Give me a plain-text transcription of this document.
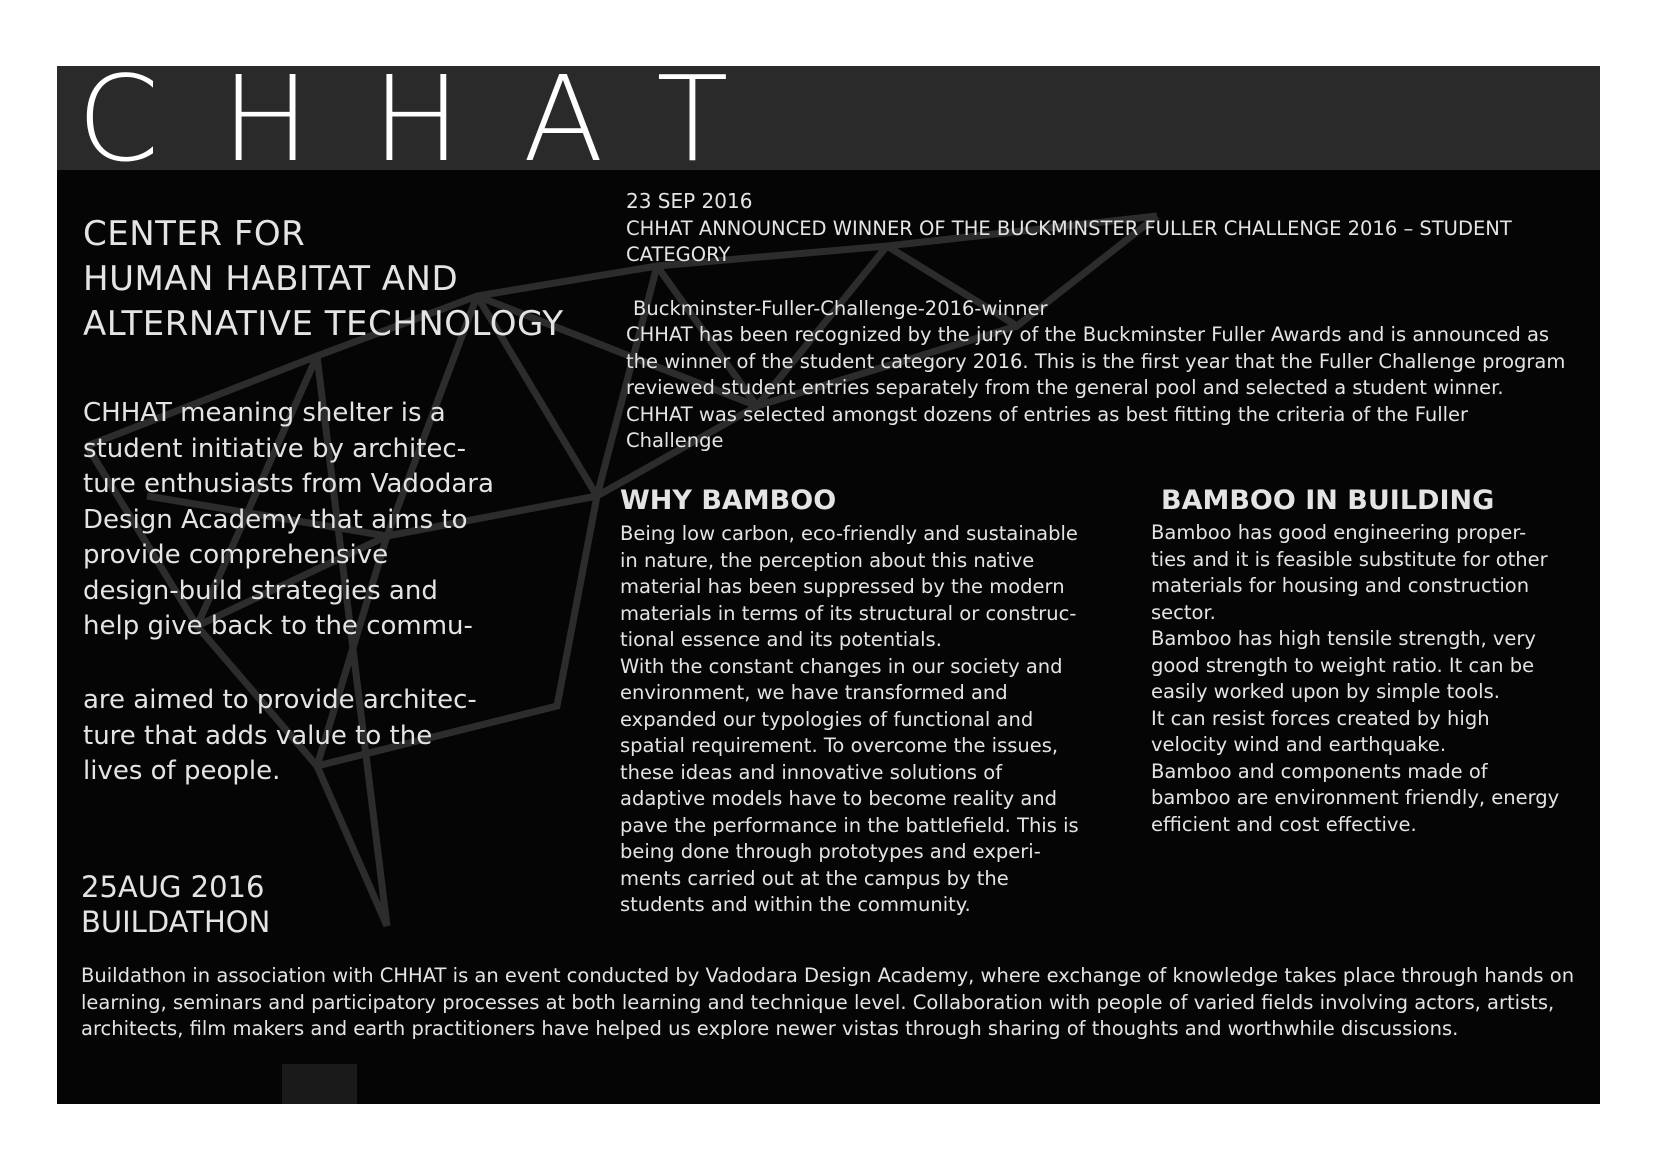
CHHAT
CENTER FOR
HUMAN HABITAT AND
ALTERNATIVE TECHNOLOGY

CHHAT meaning shelter is a
student initiative by architec-
ture enthusiasts from Vadodara
Design Academy that aims to
provide comprehensive
design-build strategies and
help give back to the commu-

are aimed to provide architec-
ture that adds value to the
lives of people.

25AUG 2016
BUILDATHON
23 SEP 2016
CHHAT ANNOUNCED WINNER OF THE BUCKMINSTER FULLER CHALLENGE 2016 – STUDENT CATEGORY
Buckminster-Fuller-Challenge-2016-winner

CHHAT has been recognized by the jury of the Buckminster Fuller Awards and is announced as the winner of the student category 2016. This is the first year that the Fuller Challenge program reviewed student entries separately from the general pool and selected a student winner. CHHAT was selected amongst dozens of entries as best fitting the criteria of the Fuller Challenge

WHY BAMBOO

Being low carbon, eco-friendly and sustainable
in nature, the perception about this native
material has been suppressed by the modern
materials in terms of its structural or construc-
tional essence and its potentials.
With the constant changes in our society and
environment, we have transformed and
expanded our typologies of functional and
spatial requirement. To overcome the issues,
these ideas and innovative solutions of
adaptive models have to become reality and
pave the performance in the battlefield. This is
being done through prototypes and experi-
ments carried out at the campus by the
students and within the community.

BAMBOO IN BUILDING

Bamboo has good engineering proper-
ties and it is feasible substitute for other
materials for housing and construction
sector.
Bamboo has high tensile strength, very
good strength to weight ratio. It can be
easily worked upon by simple tools.
It can resist forces created by high
velocity wind and earthquake.
Bamboo and components made of
bamboo are environment friendly, energy
efficient and cost effective.

Buildathon in association with CHHAT is an event conducted by Vadodara Design Academy, where exchange of knowledge takes place through hands on learning, seminars and participatory processes at both learning and technique level. Collaboration with people of varied fields involving actors, artists, architects, film makers and earth practitioners have helped us explore newer vistas through sharing of thoughts and worthwhile discussions.
